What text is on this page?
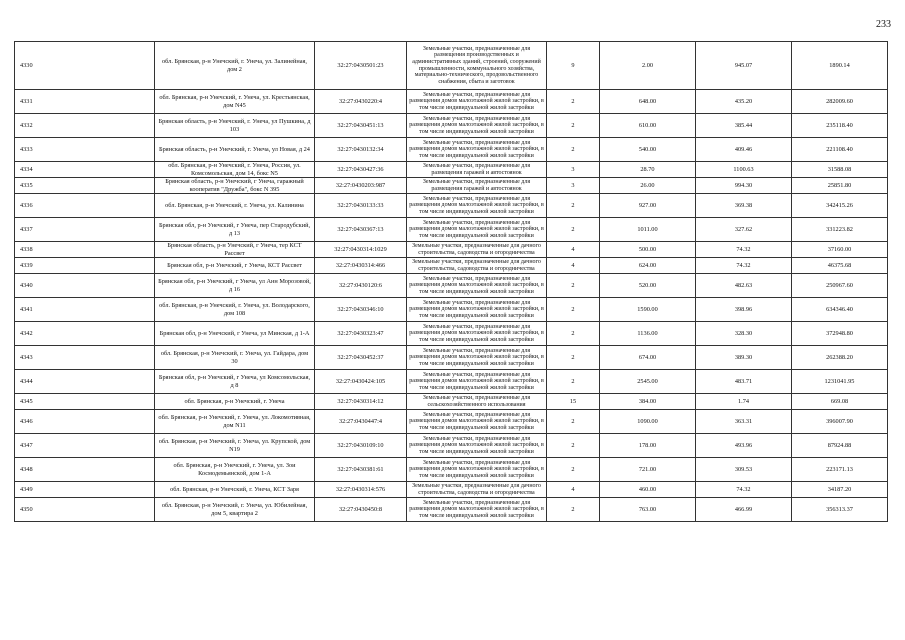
233
4330	обл. Брянская, р-н Унечский, г. Унеча, ул. Залинейная, дом 2	32:27:0430501:23	Земельные участки, предназначенные для размещения производственных и административных зданий, строений, сооружений промышленности, коммунального хозяйства, материально-технического, продовольственного снабжения, сбыта и заготовок	9	2.00	945.07	1890.14
4331	обл. Брянская, р-н Унечский, г. Унеча, ул. Крестьянская, дом N45	32:27:0430220:4	Земельные участки, предназначенные для размещения домов малоэтажной жилой застройки, в том числе индивидуальной жилой застройки	2	648.00	435.20	282009.60
4332	Брянская область, р-н Унечский, г. Унеча, ул Пушкина, д 103	32:27:0430451:13	Земельные участки, предназначенные для размещения домов малоэтажной жилой застройки, в том числе индивидуальной жилой застройки	2	610.00	385.44	235118.40
4333	Брянская область, р-н Унечский, г. Унеча, ул Новая, д 24	32:27:0430132:34	Земельные участки, предназначенные для размещения домов малоэтажной жилой застройки, в том числе индивидуальной жилой застройки	2	540.00	409.46	221108.40
4334	обл. Брянская, р-н Унечский, г. Унеча, Россия, ул. Комсомольская, дом 14, бокс N5	32:27:0430427:36	Земельные участки, предназначенные для размещения гаражей и автостоянок	3	28.70	1100.63	31588.08
4335	Брянская область, р-н Унечский, г Унеча, гаражный кооператив "Дружба", бокс N 395	32:27:0430203:987	Земельные участки, предназначенные для размещения гаражей и автостоянок	3	26.00	994.30	25851.80
4336	обл. Брянская, р-н Унечский, г. Унеча, ул. Калинина	32:27:0430133:33	Земельные участки, предназначенные для размещения домов малоэтажной жилой застройки, в том числе индивидуальной жилой застройки	2	927.00	369.38	342415.26
4337	Брянская обл, р-н Унечский, г Унеча, пер Стародубский, д 13	32:27:0430367:13	Земельные участки, предназначенные для размещения домов малоэтажной жилой застройки, в том числе индивидуальной жилой застройки	2	1011.00	327.62	331223.82
4338	Брянская область, р-н Унечский, г Унеча, тер КСТ Рассвет	32:27:0430314:1029	Земельные участки, предназначенные для дачного строительства, садоводства и огородничества	4	500.00	74.32	37160.00
4339	Брянская обл, р-н Унечский, г Унеча, КСТ Рассвет	32:27:0430314:466	Земельные участки, предназначенные для дачного строительства, садоводства и огородничества	4	624.00	74.32	46375.68
4340	Брянская обл, р-н Унечский, г Унеча, ул Анн Морозовой, д 16	32:27:0430120:6	Земельные участки, предназначенные для размещения домов малоэтажной жилой застройки, в том числе индивидуальной жилой застройки	2	520.00	482.63	250967.60
4341	обл. Брянская, р-н Унечский, г. Унеча, ул. Володарского, дом 108	32:27:0430346:10	Земельные участки, предназначенные для размещения домов малоэтажной жилой застройки, в том числе индивидуальной жилой застройки	2	1590.00	398.96	634346.40
4342	Брянская обл, р-н Унечский, г Унеча, ул Минская, д 1-А	32:27:0430323:47	Земельные участки, предназначенные для размещения домов малоэтажной жилой застройки, в том числе индивидуальной жилой застройки	2	1136.00	328.30	372948.80
4343	обл. Брянская, р-н Унечский, г. Унеча, ул. Гайдара, дом 30	32:27:0430452:37	Земельные участки, предназначенные для размещения домов малоэтажной жилой застройки, в том числе индивидуальной жилой застройки	2	674.00	389.30	262388.20
4344	Брянская обл, р-н Унечский, г Унеча, ул Комсомольская, д 8	32:27:0430424:105	Земельные участки, предназначенные для размещения домов малоэтажной жилой застройки, в том числе индивидуальной жилой застройки	2	2545.00	483.71	1231041.95
4345	обл. Брянская, р-н Унечский, г. Унеча	32:27:0430314:12	Земельные участки, предназначенные для сельскохозяйственного использования	15	384.00	1.74	669.08
4346	обл. Брянская, р-н Унечский, г. Унеча, ул. Локомотивная, дом N11	32:27:0430447:4	Земельные участки, предназначенные для размещения домов малоэтажной жилой застройки, в том числе индивидуальной жилой застройки	2	1090.00	363.31	396007.90
4347	обл. Брянская, р-н Унечский, г. Унеча, ул. Крупской, дом N19	32:27:0430109:10	Земельные участки, предназначенные для размещения домов малоэтажной жилой застройки, в том числе индивидуальной жилой застройки	2	178.00	493.96	87924.88
4348	обл. Брянская, р-н Унечский, г. Унеча, ул. Зои Космодемьянской, дом 1-А	32:27:0430381:61	Земельные участки, предназначенные для размещения домов малоэтажной жилой застройки, в том числе индивидуальной жилой застройки	2	721.00	309.53	223171.13
4349	обл. Брянская, р-н Унечский, г. Унеча, КСТ Заря	32:27:0430314:576	Земельные участки, предназначенные для дачного строительства, садоводства и огородничества	4	460.00	74.32	34187.20
4350	обл. Брянская, р-н Унечский, г. Унеча, ул. Юбилейная, дом 5, квартира 2	32:27:0430450:8	Земельные участки, предназначенные для размещения домов малоэтажной жилой застройки, в том числе индивидуальной жилой застройки	2	763.00	466.99	356313.37
